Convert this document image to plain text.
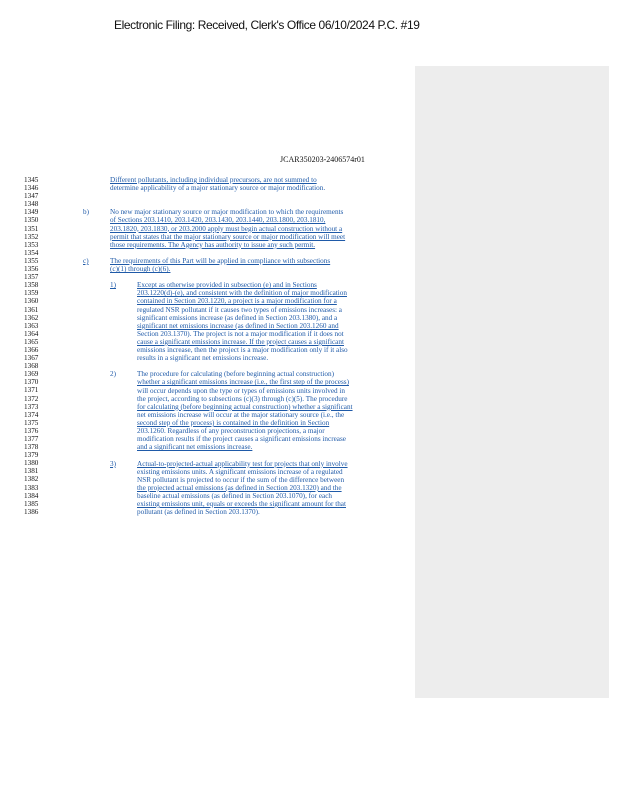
Electronic Filing: Received, Clerk's Office 06/10/2024 P.C. #19
JCAR350203-2406574r01
1345
1346
1347
1348
1349
1350
1351
1352
1353
1354
1355
1356
1357
1358
1359
1360
1361
1362
1363
1364
1365
1366
1367
1368
1369
1370
1371
1372
1373
1374
1375
1376
1377
1378
1379
1380
1381
1382
1383
1384
1385
1386
Different pollutants, including individual precursors, are not summed to
determine applicability of a major stationary source or major modification.
b)	No new major stationary source or major modification to which the requirements
of Sections 203.1410, 203.1420, 203.1430, 203.1440, 203.1800, 203.1810,
203.1820, 203.1830, or 203.2000 apply must begin actual construction without a
permit that states that the major stationary source or major modification will meet
those requirements. The Agency has authority to issue any such permit.
c)	The requirements of this Part will be applied in compliance with subsections
(c)(1) through (c)(6).
1)	Except as otherwise provided in subsection (e) and in Sections
203.1220(d)-(e), and consistent with the definition of major modification
contained in Section 203.1220, a project is a major modification for a
regulated NSR pollutant if it causes two types of emissions increases: a
significant emissions increase (as defined in Section 203.1380), and a
significant net emissions increase (as defined in Section 203.1260 and
Section 203.1370). The project is not a major modification if it does not
cause a significant emissions increase. If the project causes a significant
emissions increase, then the project is a major modification only if it also
results in a significant net emissions increase.
2)	The procedure for calculating (before beginning actual construction)
whether a significant emissions increase (i.e., the first step of the process)
will occur depends upon the type or types of emissions units involved in
the project, according to subsections (c)(3) through (c)(5). The procedure
for calculating (before beginning actual construction) whether a significant
net emissions increase will occur at the major stationary source (i.e., the
second step of the process) is contained in the definition in Section
203.1260. Regardless of any preconstruction projections, a major
modification results if the project causes a significant emissions increase
and a significant net emissions increase.
3)	Actual-to-projected-actual applicability test for projects that only involve
existing emissions units. A significant emissions increase of a regulated
NSR pollutant is projected to occur if the sum of the difference between
the projected actual emissions (as defined in Section 203.1320) and the
baseline actual emissions (as defined in Section 203.1070), for each
existing emissions unit, equals or exceeds the significant amount for that
pollutant (as defined in Section 203.1370).
